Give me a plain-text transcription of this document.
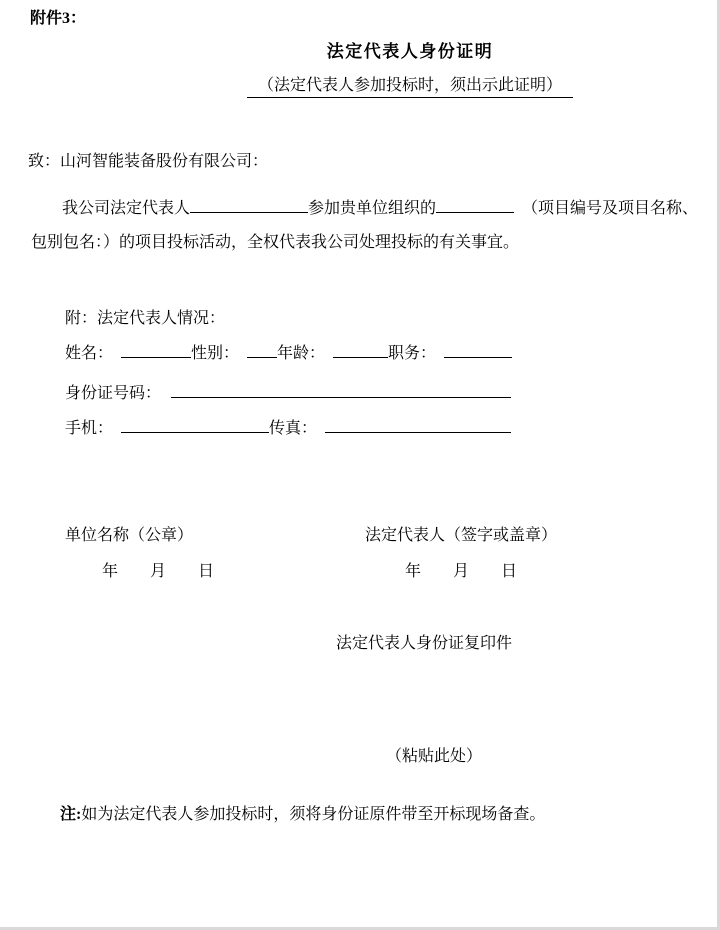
附件3：
法定代表人身份证明
（法定代表人参加投标时，须出示此证明）
致：山河智能装备股份有限公司：
我公司法定代表人	参加贵单位组织的	　（项目编号及项目名称、
包别包名：）的项目投标活动，全权代表我公司处理投标的有关事宜。
附：法定代表人情况：
姓名：	性别： 年龄：	职务：
身份证号码：
手机：	传真：
单位名称（公章）	法定代表人（签字或盖章）
年　　月　　日	年　　月　　日
法定代表人身份证复印件
（粘贴此处）
注:如为法定代表人参加投标时，须将身份证原件带至开标现场备查。
